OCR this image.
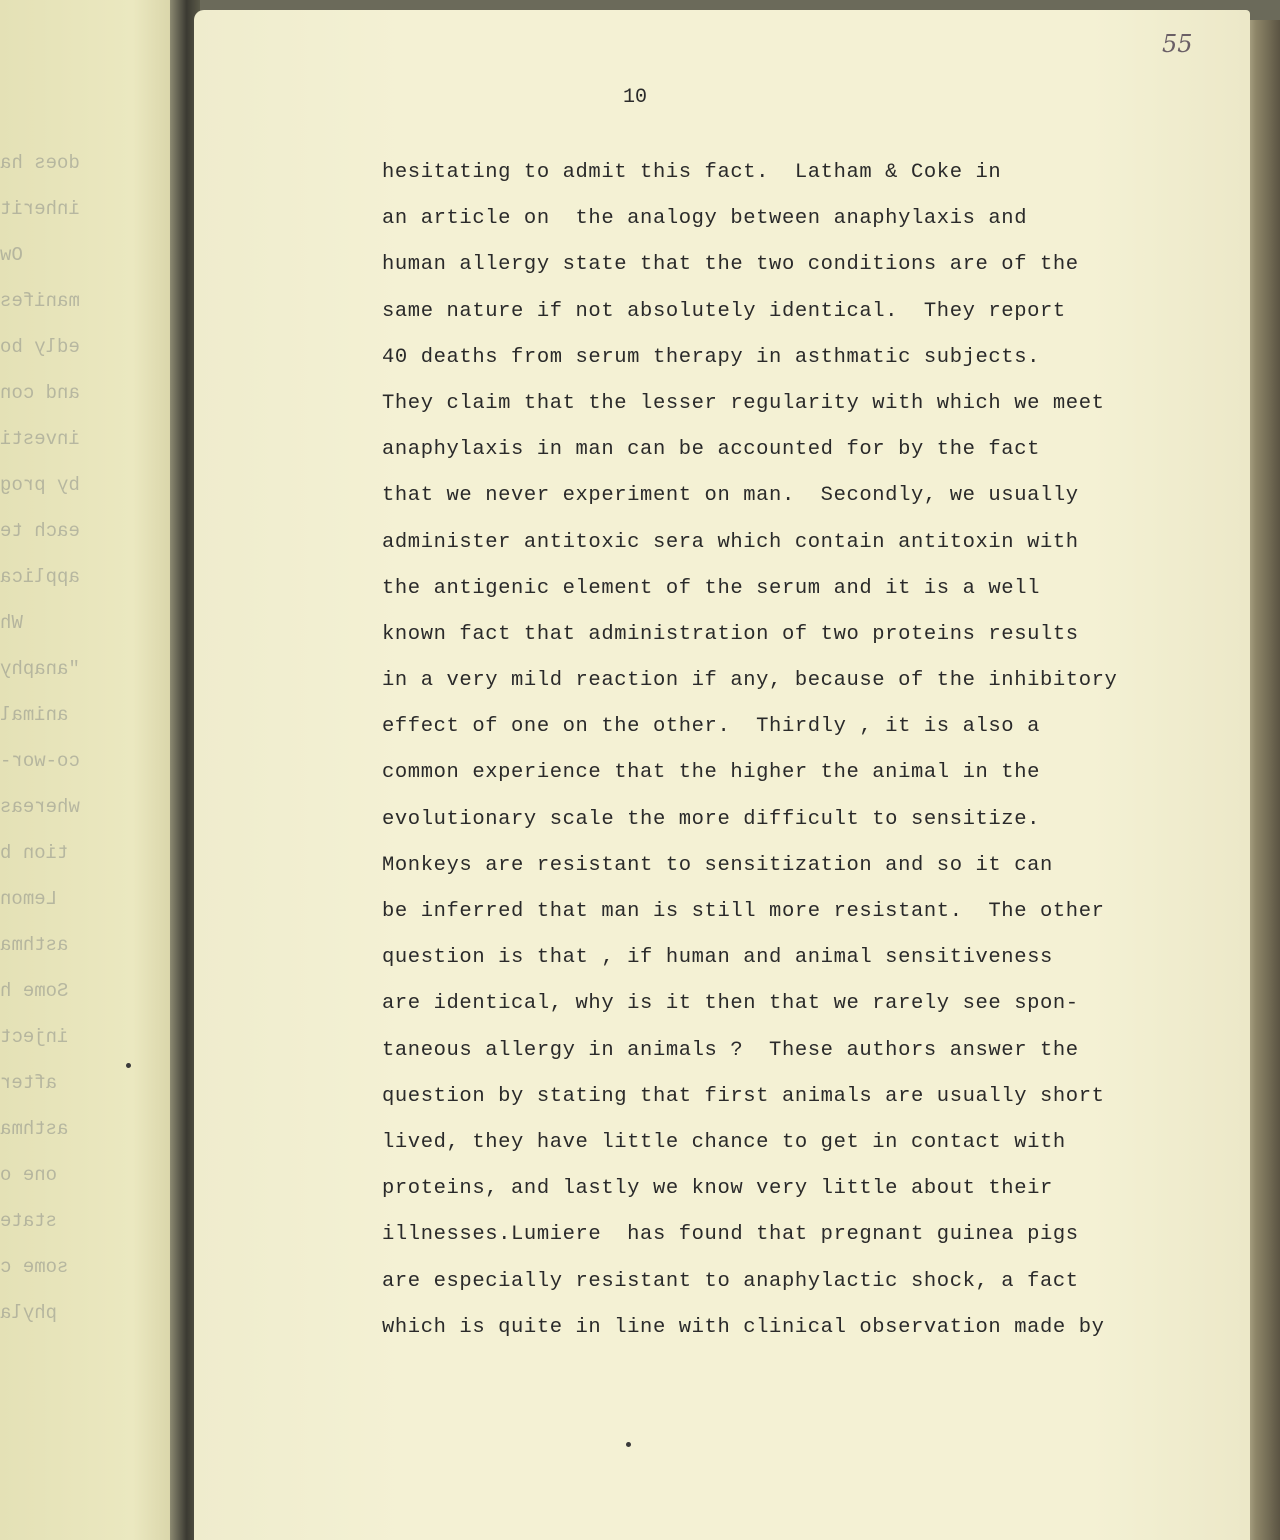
does ha
inherit
Ow
manifes
edly bo
and con
investi
by prog
each te
applica
Wh
"anaphy
animal
co-wor-
whereas
tion b
Lemon
asthma
Some h
inject
after
asthma
one o
state
some c
phyla
55
10
hesitating to admit this fact.  Latham & Coke in
an article on  the analogy between anaphylaxis and
human allergy state that the two conditions are of the
same nature if not absolutely identical.  They report
40 deaths from serum therapy in asthmatic subjects.
They claim that the lesser regularity with which we meet
anaphylaxis in man can be accounted for by the fact
that we never experiment on man.  Secondly, we usually
administer antitoxic sera which contain antitoxin with
the antigenic element of the serum and it is a well
known fact that administration of two proteins results
in a very mild reaction if any, because of the inhibitory
effect of one on the other.  Thirdly , it is also a
common experience that the higher the animal in the
evolutionary scale the more difficult to sensitize.
Monkeys are resistant to sensitization and so it can
be inferred that man is still more resistant.  The other
question is that , if human and animal sensitiveness
are identical, why is it then that we rarely see spon-
taneous allergy in animals ?  These authors answer the
question by stating that first animals are usually short
lived, they have little chance to get in contact with
proteins, and lastly we know very little about their
illnesses.Lumiere  has found that pregnant guinea pigs
are especially resistant to anaphylactic shock, a fact
which is quite in line with clinical observation made by
